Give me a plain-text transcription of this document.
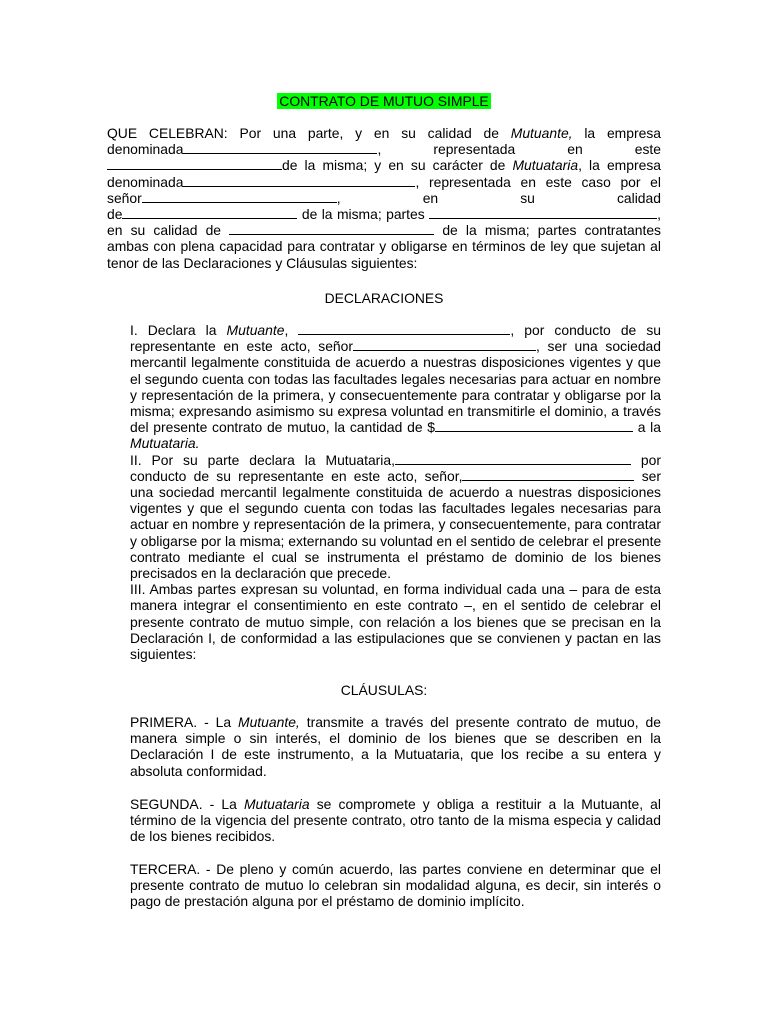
CONTRATO DE MUTUO SIMPLE
QUE CELEBRAN: Por una parte, y en su calidad de Mutuante, la empresa
denominada	,	representada	en	este
de la misma; y en su carácter de Mutuataria, la empresa
denominada	, representada en este caso por el
señor	,	en	su	calidad
de	de la misma; partes	,
en su calidad de	de la misma; partes contratantes
ambas con plena capacidad para contratar y obligarse en términos de ley que sujetan al
tenor de las Declaraciones y Cláusulas siguientes:
DECLARACIONES
I. Declara la Mutuante,	, por conducto de su
representante en este acto, señor	, ser una sociedad
mercantil legalmente constituida de acuerdo a nuestras disposiciones vigentes y que
el segundo cuenta con todas las facultades legales necesarias para actuar en nombre
y representación de la primera, y consecuentemente para contratar y obligarse por la
misma; expresando asimismo su expresa voluntad en transmitirle el dominio, a través
del presente contrato de mutuo, la cantidad de $	a la
Mutuataria.
II. Por su parte declara la Mutuataria,	por
conducto de su representante en este acto, señor,	ser
una sociedad mercantil legalmente constituida de acuerdo a nuestras disposiciones
vigentes y que el segundo cuenta con todas las facultades legales necesarias para
actuar en nombre y representación de la primera, y consecuentemente, para contratar
y obligarse por la misma; externando su voluntad en el sentido de celebrar el presente
contrato mediante el cual se instrumenta el préstamo de dominio de los bienes
precisados en la declaración que precede.
III. Ambas partes expresan su voluntad, en forma individual cada una – para de esta
manera integrar el consentimiento en este contrato –, en el sentido de celebrar el
presente contrato de mutuo simple, con relación a los bienes que se precisan en la
Declaración I, de conformidad a las estipulaciones que se convienen y pactan en las
siguientes:
CLÁUSULAS:
PRIMERA. - La Mutuante, transmite a través del presente contrato de mutuo, de
manera simple o sin interés, el dominio de los bienes que se describen en la
Declaración I de este instrumento, a la Mutuataria, que los recibe a su entera y
absoluta conformidad.
SEGUNDA. - La Mutuataria se compromete y obliga a restituir a la Mutuante, al
término de la vigencia del presente contrato, otro tanto de la misma especia y calidad
de los bienes recibidos.
TERCERA. - De pleno y común acuerdo, las partes conviene en determinar que el
presente contrato de mutuo lo celebran sin modalidad alguna, es decir, sin interés o
pago de prestación alguna por el préstamo de dominio implícito.
